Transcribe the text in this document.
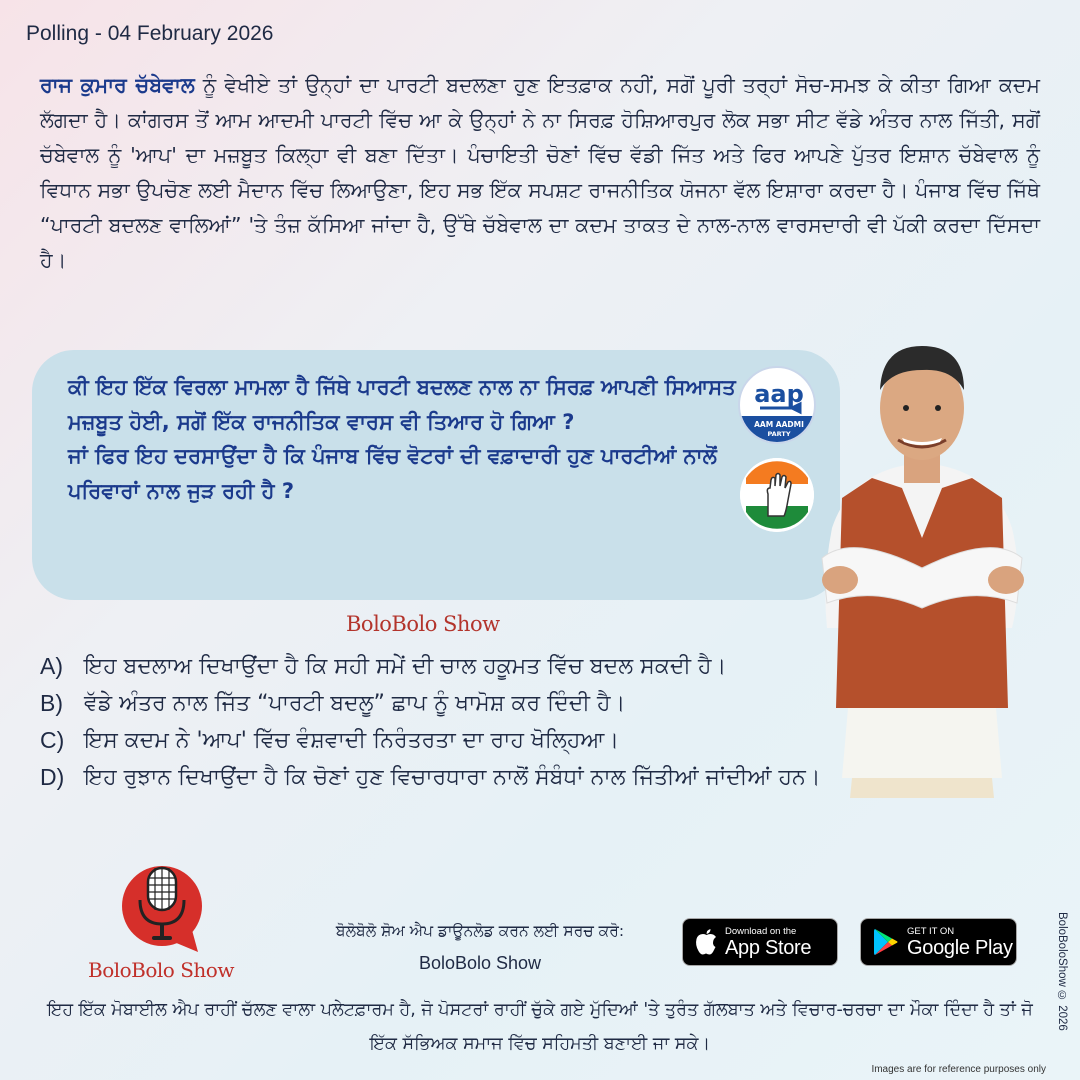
Polling - 04 February 2026

ਰਾਜ ਕੁਮਾਰ ਚੱਬੇਵਾਲ ਨੂੰ ਵੇਖੀਏ ਤਾਂ ਉਨ੍ਹਾਂ ਦਾ ਪਾਰਟੀ ਬਦਲਣਾ ਹੁਣ ਇਤਫ਼ਾਕ ਨਹੀਂ, ਸਗੋਂ ਪੂਰੀ ਤਰ੍ਹਾਂ ਸੋਚ-ਸਮਝ ਕੇ ਕੀਤਾ ਗਿਆ ਕਦਮ ਲੱਗਦਾ ਹੈ। ਕਾਂਗਰਸ ਤੋਂ ਆਮ ਆਦਮੀ ਪਾਰਟੀ ਵਿੱਚ ਆ ਕੇ ਉਨ੍ਹਾਂ ਨੇ ਨਾ ਸਿਰਫ਼ ਹੋਸ਼ਿਆਰਪੁਰ ਲੋਕ ਸਭਾ ਸੀਟ ਵੱਡੇ ਅੰਤਰ ਨਾਲ ਜਿੱਤੀ, ਸਗੋਂ ਚੱਬੇਵਾਲ ਨੂੰ 'ਆਪ' ਦਾ ਮਜ਼ਬੂਤ ਕਿਲ੍ਹਾ ਵੀ ਬਣਾ ਦਿੱਤਾ। ਪੰਚਾਇਤੀ ਚੋਣਾਂ ਵਿੱਚ ਵੱਡੀ ਜਿੱਤ ਅਤੇ ਫਿਰ ਆਪਣੇ ਪੁੱਤਰ ਇਸ਼ਾਨ ਚੱਬੇਵਾਲ ਨੂੰ ਵਿਧਾਨ ਸਭਾ ਉਪਚੋਣ ਲਈ ਮੈਦਾਨ ਵਿੱਚ ਲਿਆਉਣਾ, ਇਹ ਸਭ ਇੱਕ ਸਪਸ਼ਟ ਰਾਜਨੀਤਿਕ ਯੋਜਨਾ ਵੱਲ ਇਸ਼ਾਰਾ ਕਰਦਾ ਹੈ। ਪੰਜਾਬ ਵਿੱਚ ਜਿੱਥੇ “ਪਾਰਟੀ ਬਦਲਣ ਵਾਲਿਆਂ” 'ਤੇ ਤੰਜ਼ ਕੱਸਿਆ ਜਾਂਦਾ ਹੈ, ਉੱਥੇ ਚੱਬੇਵਾਲ ਦਾ ਕਦਮ ਤਾਕਤ ਦੇ ਨਾਲ-ਨਾਲ ਵਾਰਸਦਾਰੀ ਵੀ ਪੱਕੀ ਕਰਦਾ ਦਿੱਸਦਾ ਹੈ।

ਕੀ ਇਹ ਇੱਕ ਵਿਰਲਾ ਮਾਮਲਾ ਹੈ ਜਿੱਥੇ ਪਾਰਟੀ ਬਦਲਣ ਨਾਲ ਨਾ ਸਿਰਫ਼ ਆਪਣੀ ਸਿਆਸਤ ਮਜ਼ਬੂਤ ਹੋਈ, ਸਗੋਂ ਇੱਕ ਰਾਜਨੀਤਿਕ ਵਾਰਸ ਵੀ ਤਿਆਰ ਹੋ ਗਿਆ ?
ਜਾਂ ਫਿਰ ਇਹ ਦਰਸਾਉਂਦਾ ਹੈ ਕਿ ਪੰਜਾਬ ਵਿੱਚ ਵੋਟਰਾਂ ਦੀ ਵਫ਼ਾਦਾਰੀ ਹੁਣ ਪਾਰਟੀਆਂ ਨਾਲੋਂ ਪਰਿਵਾਰਾਂ ਨਾਲ ਜੁੜ ਰਹੀ ਹੈ ?
aap
AAM AADMI
PARTY
BoloBolo Show
A) ਇਹ ਬਦਲਾਅ ਦਿਖਾਉਂਦਾ ਹੈ ਕਿ ਸਹੀ ਸਮੇਂ ਦੀ ਚਾਲ ਹਕੂਮਤ ਵਿੱਚ ਬਦਲ ਸਕਦੀ ਹੈ।
B) ਵੱਡੇ ਅੰਤਰ ਨਾਲ ਜਿੱਤ “ਪਾਰਟੀ ਬਦਲੂ” ਛਾਪ ਨੂੰ ਖਾਮੋਸ਼ ਕਰ ਦਿੰਦੀ ਹੈ।
C) ਇਸ ਕਦਮ ਨੇ 'ਆਪ' ਵਿੱਚ ਵੰਸ਼ਵਾਦੀ ਨਿਰੰਤਰਤਾ ਦਾ ਰਾਹ ਖੋਲ੍ਹਿਆ।
D) ਇਹ ਰੁਝਾਨ ਦਿਖਾਉਂਦਾ ਹੈ ਕਿ ਚੋਣਾਂ ਹੁਣ ਵਿਚਾਰਧਾਰਾ ਨਾਲੋਂ ਸੰਬੰਧਾਂ ਨਾਲ ਜਿੱਤੀਆਂ ਜਾਂਦੀਆਂ ਹਨ।
BoloBolo Show
ਬੋਲੋਬੋਲੋ ਸ਼ੋਅ ਐਪ ਡਾਊਨਲੋਡ ਕਰਨ ਲਈ ਸਰਚ ਕਰੋ:
BoloBolo Show
Download on the
App Store
GET IT ON
Google Play
ਇਹ ਇੱਕ ਮੋਬਾਈਲ ਐਪ ਰਾਹੀਂ ਚੱਲਣ ਵਾਲਾ ਪਲੇਟਫ਼ਾਰਮ ਹੈ, ਜੋ ਪੋਸਟਰਾਂ ਰਾਹੀਂ ਚੁੱਕੇ ਗਏ ਮੁੱਦਿਆਂ 'ਤੇ ਤੁਰੰਤ ਗੱਲਬਾਤ ਅਤੇ ਵਿਚਾਰ-ਚਰਚਾ ਦਾ ਮੌਕਾ ਦਿੰਦਾ ਹੈ ਤਾਂ ਜੋ ਇੱਕ ਸੱਭਿਅਕ ਸਮਾਜ ਵਿੱਚ ਸਹਿਮਤੀ ਬਣਾਈ ਜਾ ਸਕੇ।
BoloBoloShow © 2026
Images are for reference purposes only
